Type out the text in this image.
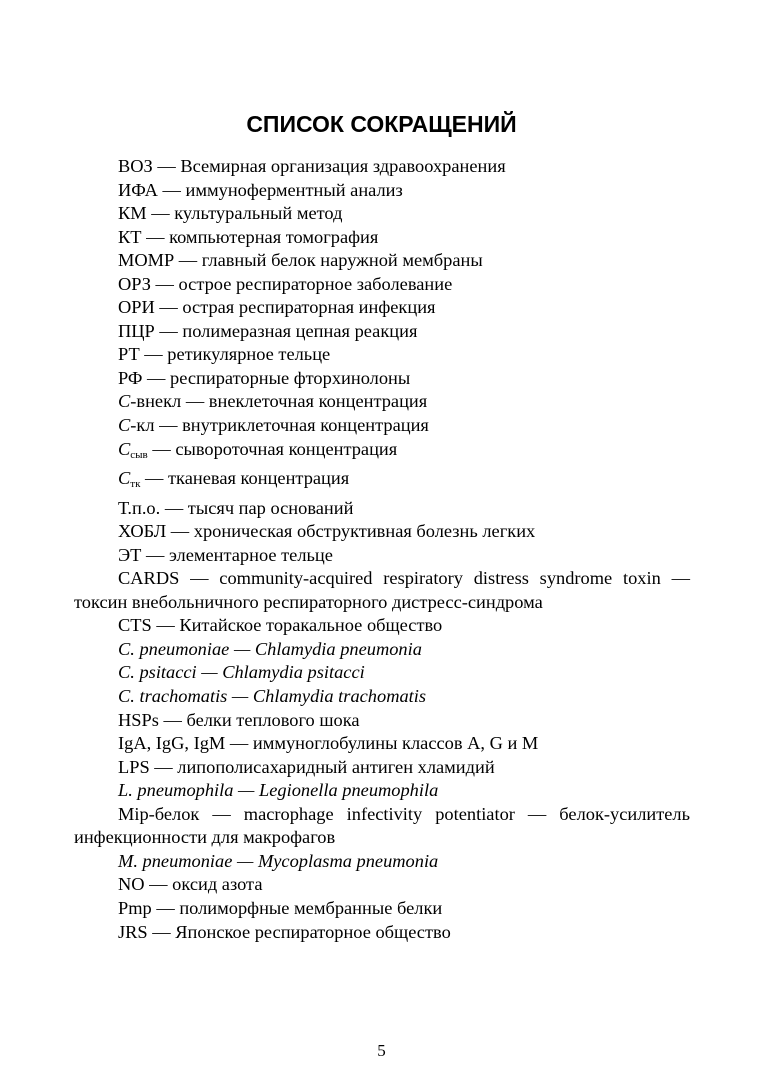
СПИСОК СОКРАЩЕНИЙ
ВОЗ — Всемирная организация здравоохранения
ИФА — иммуноферментный анализ
КМ — культуральный метод
КТ — компьютерная томография
МОМР — главный белок наружной мембраны
ОРЗ — острое респираторное заболевание
ОРИ — острая респираторная инфекция
ПЦР — полимеразная цепная реакция
РТ — ретикулярное тельце
РФ — респираторные фторхинолоны
C-внекл — внеклеточная концентрация
C-кл — внутриклеточная концентрация
$C_{сыв}$ — сывороточная концентрация
$C_{тк}$ — тканевая концентрация
Т.п.о. — тысяч пар оснований
ХОБЛ — хроническая обструктивная болезнь легких
ЭТ — элементарное тельце
CARDS — community-acquired respiratory distress syndrome toxin — токсин внебольничного респираторного дистресс-синдрома
CTS — Китайское торакальное общество
C. pneumoniae — Chlamydia pneumonia
C. psitacci — Chlamydia psitacci
C. trachomatis — Chlamydia trachomatis
HSPs — белки теплового шока
IgA, IgG, IgM — иммуноглобулины классов А, G и М
LPS — липополисахаридный антиген хламидий
L. pneumophila — Legionella pneumophila
Mip-белок — macrophage infectivity potentiator — белок-усилитель инфекционности для макрофагов
M. pneumoniae — Mycoplasma pneumonia
NO — оксид азота
Pmp — полиморфные мембранные белки
JRS — Японское респираторное общество
5
